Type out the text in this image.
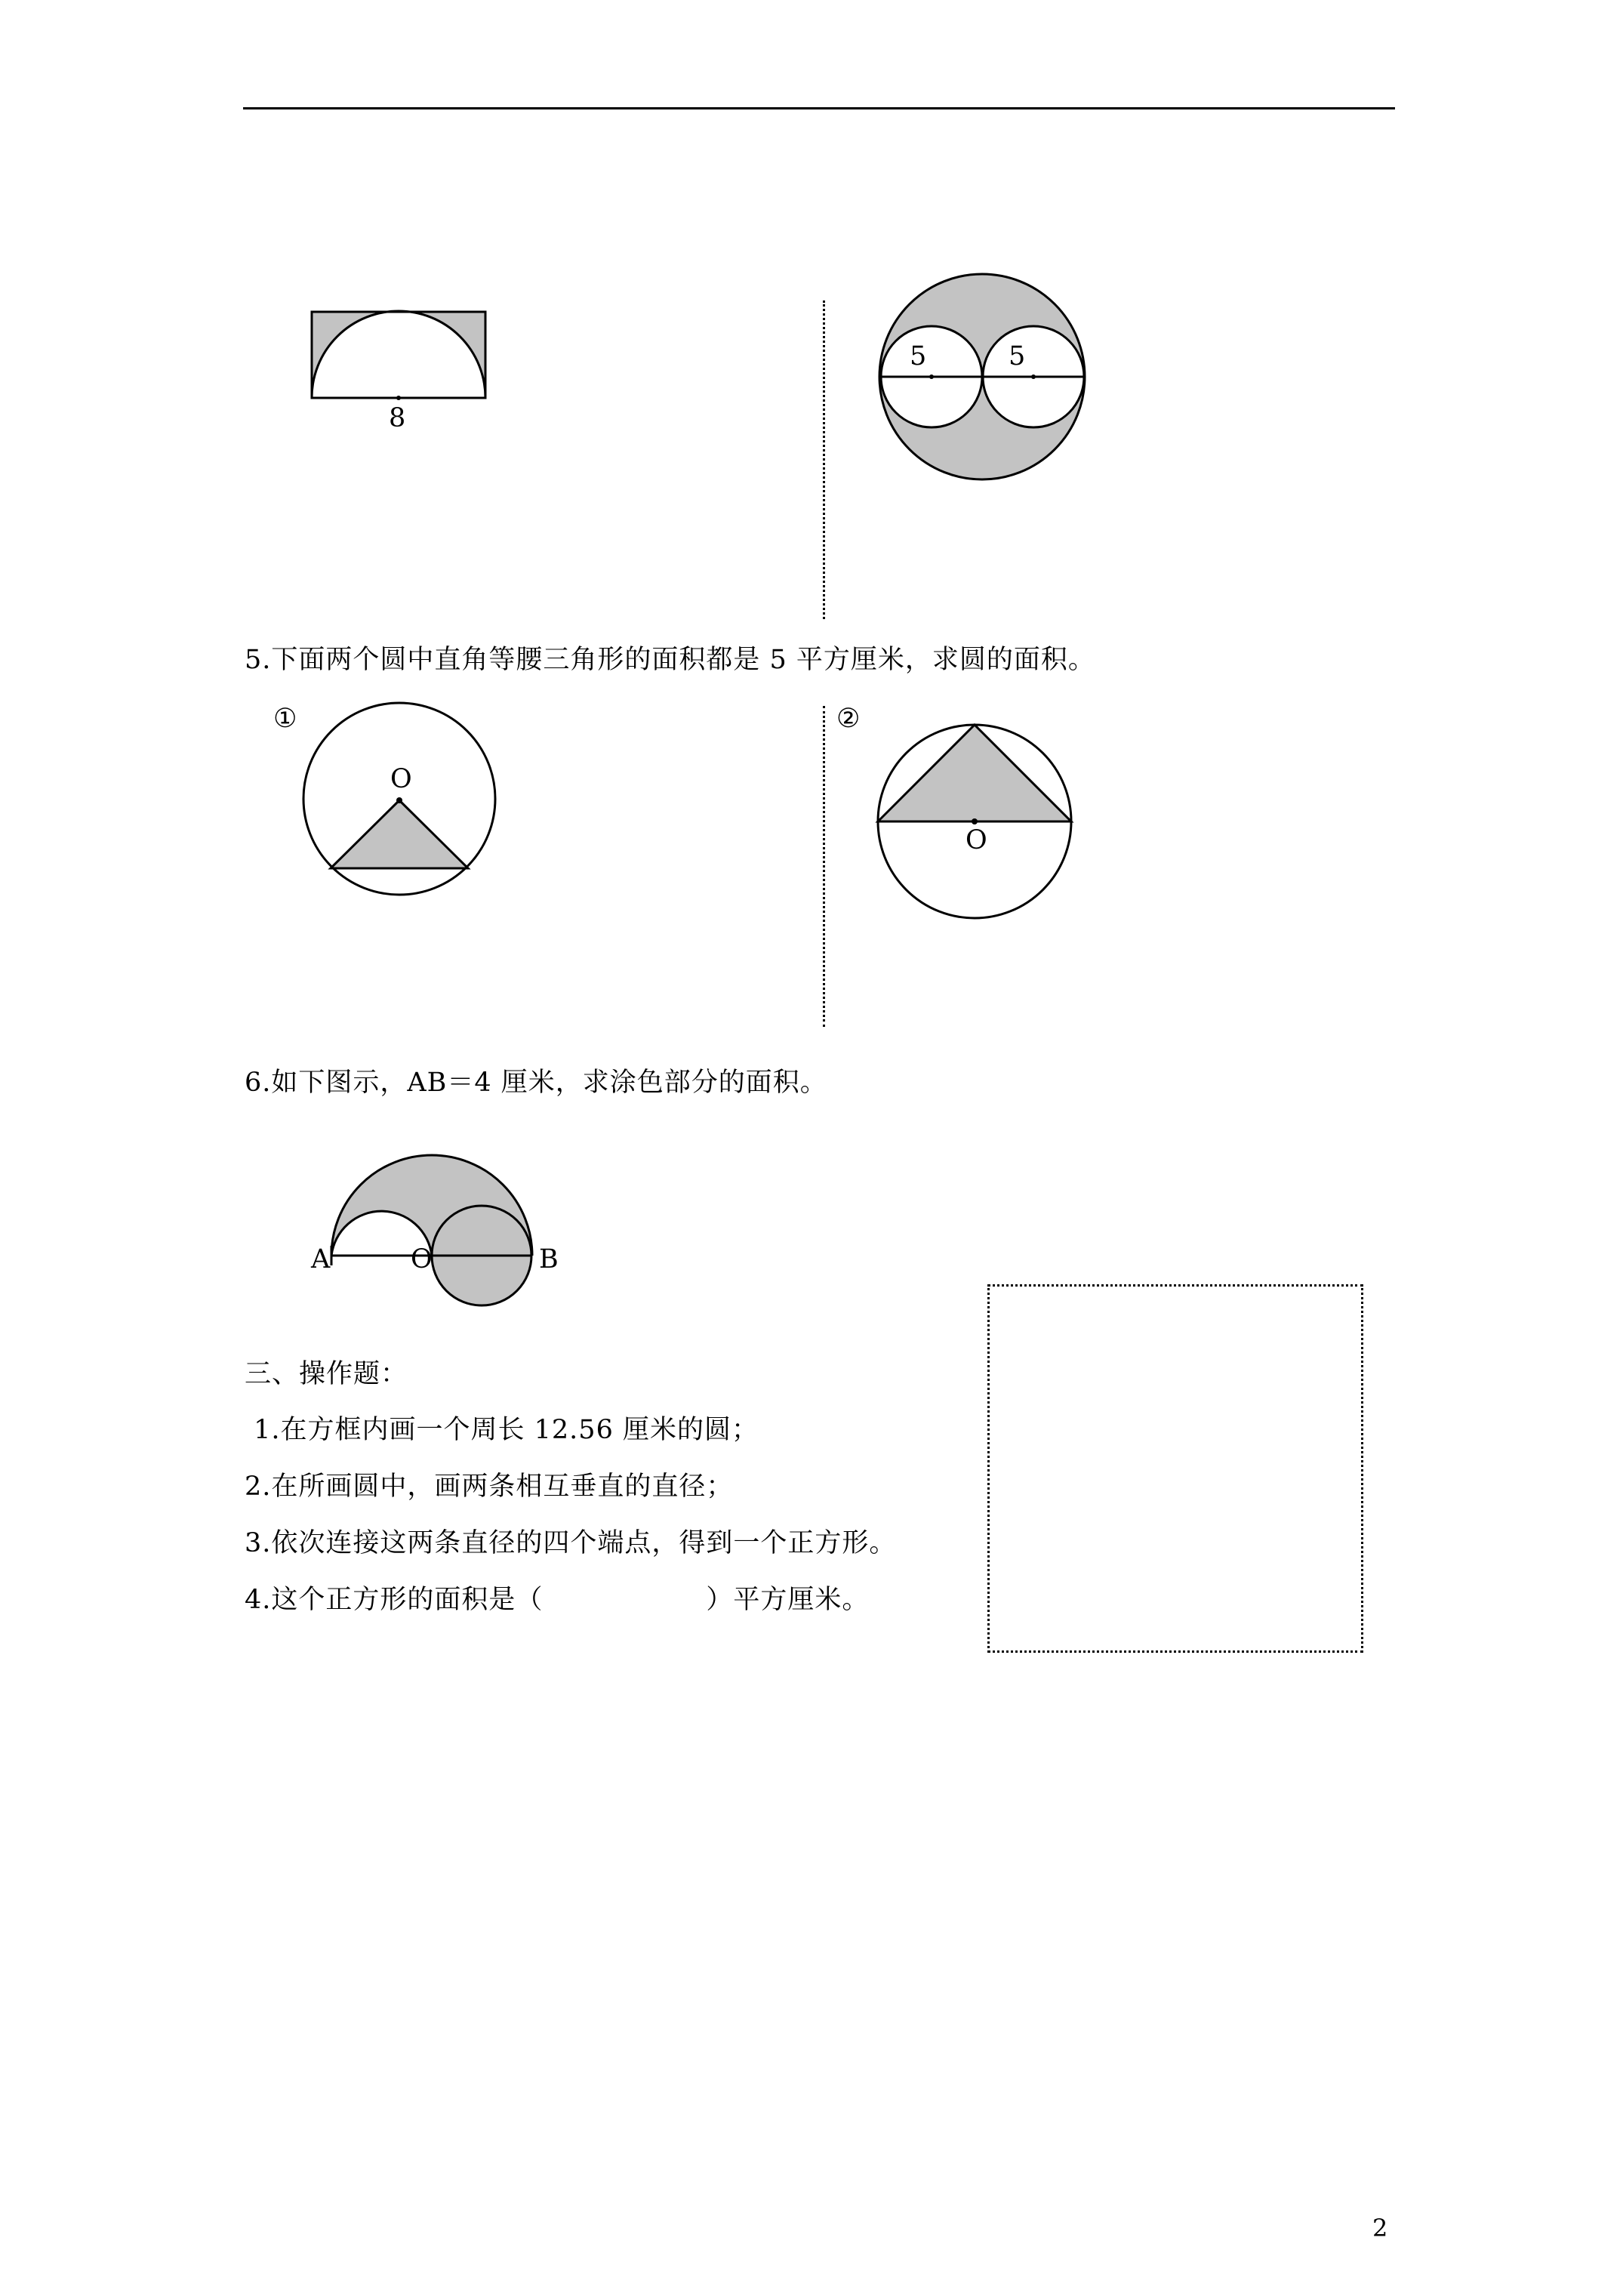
8
5	5
5.下面两个圆中直角等腰三角形的面积都是 5 平方厘米，求圆的面积。
①
O
②
O
6.如下图示，AB＝4 厘米，求涂色部分的面积。
A	O	B
三、操作题：
1.在方框内画一个周长 12.56 厘米的圆；
2.在所画圆中，画两条相互垂直的直径；
3.依次连接这两条直径的四个端点，得到一个正方形。
4.这个正方形的面积是（　　　　　　）平方厘米。
2
